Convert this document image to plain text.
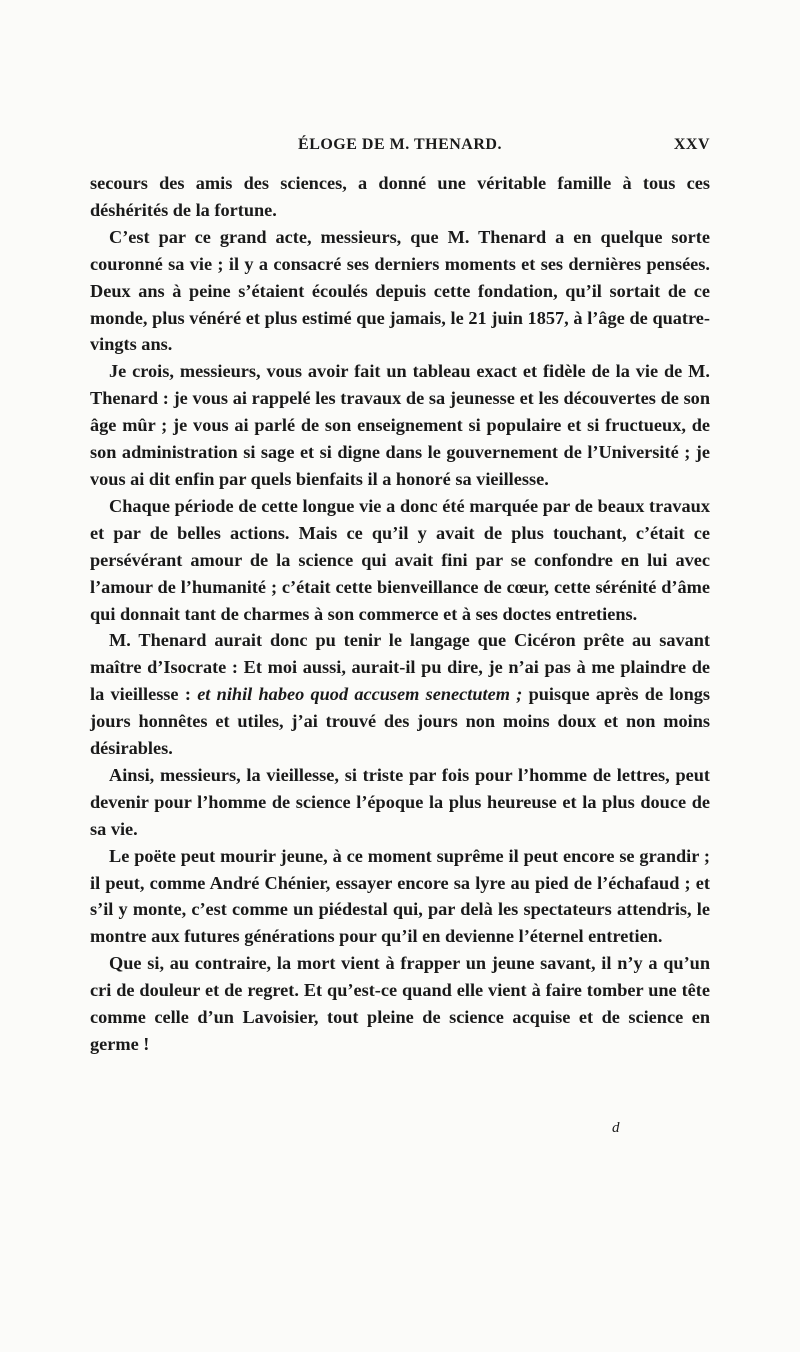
ÉLOGE DE M. THENARD.	XXV

secours des amis des sciences, a donné une véritable famille à tous ces déshérités de la fortune.

C’est par ce grand acte, messieurs, que M. Thenard a en quelque sorte couronné sa vie ; il y a consacré ses derniers moments et ses dernières pensées. Deux ans à peine s’étaient écoulés depuis cette fondation, qu’il sortait de ce monde, plus vénéré et plus estimé que jamais, le 21 juin 1857, à l’âge de quatre-vingts ans.

Je crois, messieurs, vous avoir fait un tableau exact et fidèle de la vie de M. Thenard : je vous ai rappelé les travaux de sa jeunesse et les découvertes de son âge mûr ; je vous ai parlé de son enseignement si populaire et si fructueux, de son administration si sage et si digne dans le gouvernement de l’Université ; je vous ai dit enfin par quels bienfaits il a honoré sa vieillesse.

Chaque période de cette longue vie a donc été marquée par de beaux travaux et par de belles actions. Mais ce qu’il y avait de plus touchant, c’était ce persévérant amour de la science qui avait fini par se confondre en lui avec l’amour de l’humanité ; c’était cette bienveillance de cœur, cette sérénité d’âme qui donnait tant de charmes à son commerce et à ses doctes entretiens.

M. Thenard aurait donc pu tenir le langage que Cicéron prête au savant maître d’Isocrate : Et moi aussi, aurait-il pu dire, je n’ai pas à me plaindre de la vieillesse : et nihil habeo quod accusem senectutem ; puisque après de longs jours honnêtes et utiles, j’ai trouvé des jours non moins doux et non moins désirables.

Ainsi, messieurs, la vieillesse, si triste par fois pour l’homme de lettres, peut devenir pour l’homme de science l’époque la plus heureuse et la plus douce de sa vie.

Le poëte peut mourir jeune, à ce moment suprême il peut encore se grandir ; il peut, comme André Chénier, essayer encore sa lyre au pied de l’échafaud ; et s’il y monte, c’est comme un piédestal qui, par delà les spectateurs attendris, le montre aux futures générations pour qu’il en devienne l’éternel entretien.

Que si, au contraire, la mort vient à frapper un jeune savant, il n’y a qu’un cri de douleur et de regret. Et qu’est-ce quand elle vient à faire tomber une tête comme celle d’un Lavoisier, tout pleine de science acquise et de science en germe !

d
